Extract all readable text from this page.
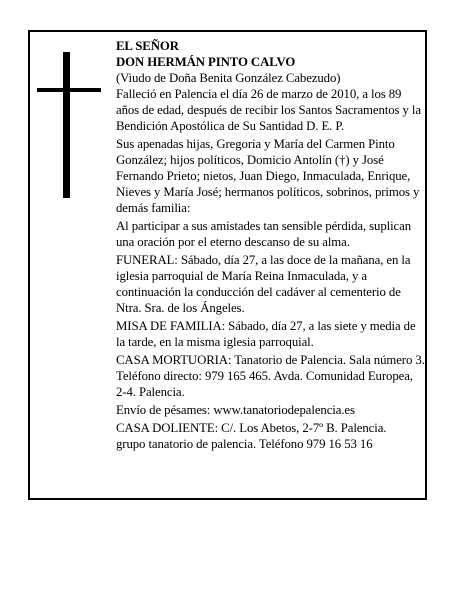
EL SEÑOR

DON HERMÁN PINTO CALVO

(Viudo de Doña Benita González Cabezudo)

Falleció en Palencia el día 26 de marzo de 2010, a los 89 años de edad, después de recibir los Santos Sacramentos y la Bendición Apostólica de Su Santidad D. E. P.

Sus apenadas hijas, Gregoria y María del Carmen Pinto González; hijos políticos, Domicio Antolín (†) y José Fernando Prieto; nietos, Juan Diego, Inmaculada, Enrique, Nieves y María José; hermanos políticos, sobrinos, primos y demás familia:

Al participar a sus amistades tan sensible pérdida, suplican una oración por el eterno descanso de su alma.

FUNERAL: Sábado, día 27, a las doce de la mañana, en la iglesia parroquial de María Reina Inmaculada, y a continuación la conducción del cadáver al cementerio de Ntra. Sra. de los Ángeles.

MISA DE FAMILIA: Sábado, día 27, a las siete y media de la tarde, en la misma iglesia parroquial.

CASA MORTUORIA: Tanatorio de Palencia. Sala número 3. Teléfono directo: 979 165 465. Avda. Comunidad Europea, 2-4. Palencia.

Envío de pésames: www.tanatoriodepalencia.es

CASA DOLIENTE: C/. Los Abetos, 2-7º B. Palencia.

grupo tanatorio de palencia. Teléfono 979 16 53 16
